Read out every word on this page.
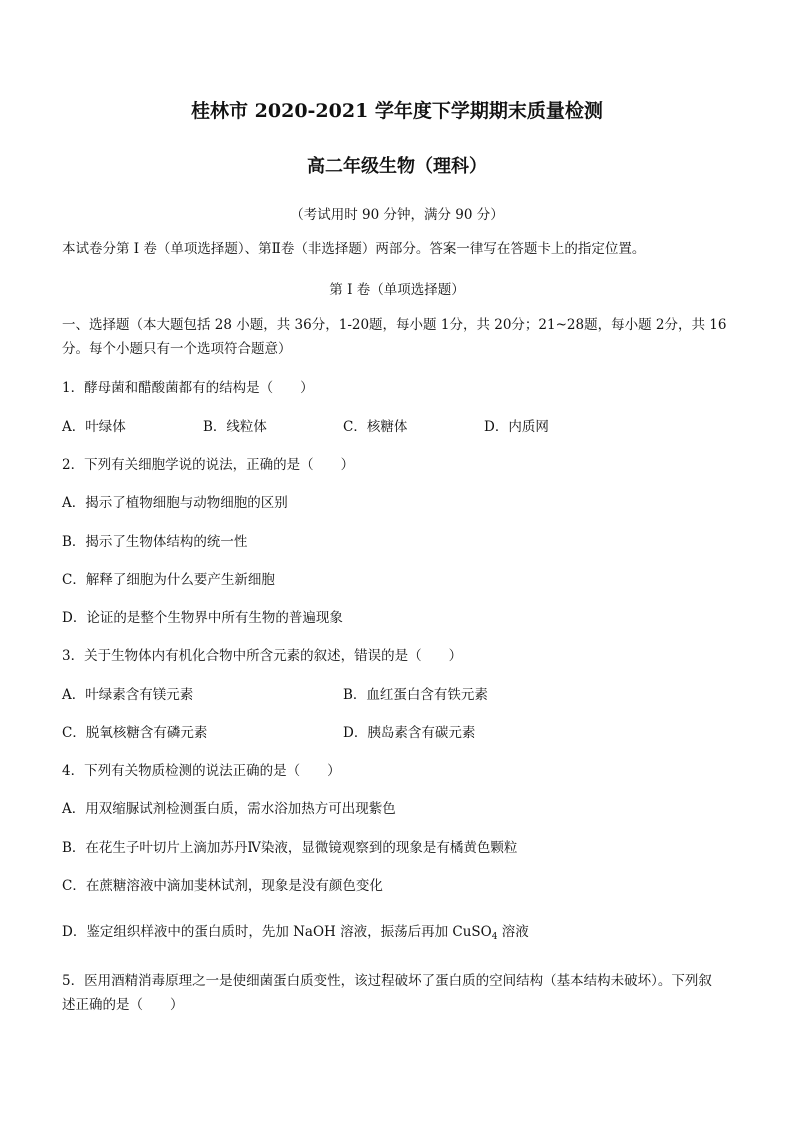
桂林市 2020-2021 学年度下学期期末质量检测
高二年级生物（理科）
（考试用时 90 分钟，满分 90 分）
本试卷分第 I 卷（单项选择题）、第Ⅱ卷（非选择题）两部分。答案一律写在答题卡上的指定位置。
第 I 卷（单项选择题）
一、选择题（本大题包括 28 小题，共 36分，1-20题，每小题 1分，共 20分；21~28题，每小题 2分，共 16
分。每个小题只有一个选项符合题意）
1．酵母菌和醋酸菌都有的结构是（　　）
A．叶绿体	B．线粒体	C．核糖体	D．内质网
2．下列有关细胞学说的说法，正确的是（　　）
A．揭示了植物细胞与动物细胞的区别
B．揭示了生物体结构的统一性
C．解释了细胞为什么要产生新细胞
D．论证的是整个生物界中所有生物的普遍现象
3．关于生物体内有机化合物中所含元素的叙述，错误的是（　　）
A．叶绿素含有镁元素	B．血红蛋白含有铁元素
C．脱氧核糖含有磷元素	D．胰岛素含有碳元素
4．下列有关物质检测的说法正确的是（　　）
A．用双缩脲试剂检测蛋白质，需水浴加热方可出现紫色
B．在花生子叶切片上滴加苏丹Ⅳ染液，显微镜观察到的现象是有橘黄色颗粒
C．在蔗糖溶液中滴加斐林试剂，现象是没有颜色变化
D．鉴定组织样液中的蛋白质时，先加 NaOH 溶液，振荡后再加 CuSO$_4$ 溶液
5．医用酒精消毒原理之一是使细菌蛋白质变性，该过程破坏了蛋白质的空间结构（基本结构未破坏）。下列叙
述正确的是（　　）
